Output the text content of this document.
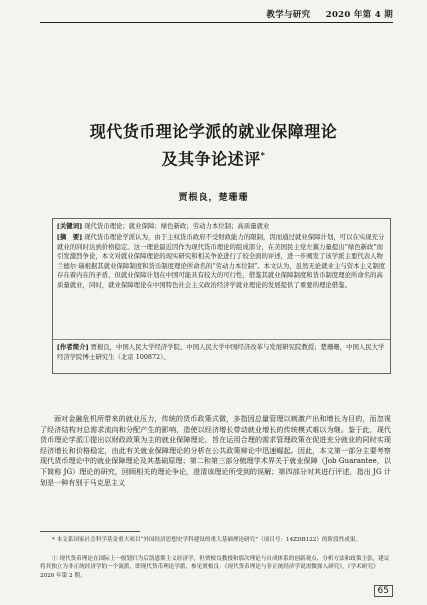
教学与研究   2020 年第 4 期
现代货币理论学派的就业保障理论
及其争论述评*
贾根良，楚珊珊
[关键词] 现代货币理论；就业保障；绿色新政；劳动力本位制；高质量就业
[摘　要] 现代货币理论学派认为，由于主权货币政府不受财政能力的限制，因而通过就业保障计划，可以在实现充分就业的同时达到价格稳定。这一理论最近因作为现代货币理论的组成部分，在美国民主党左翼力量提出“绿色新政”而引发激烈争论，本文对就业保障理论的现实研究和相关争论进行了较全面的评述，进一步阐发了该学派主要代表人物兰德尔·瑞根据其就业保障制度和货币制度理论所命名的“劳动力本位制”。本文认为，虽然无论就业主与资本主义制度存在着内在的矛盾，但就业保障计划在中国可能具有较大的可行性，借鉴其就业保障制度和货币制度理论所命名的高质量就业，同时，就业保障理论在中国特色社会主义政治经济学就业理论的发展提供了重要的理论借鉴。
[作者简介] 贾根良，中国人民大学经济学院、中国人民大学中国经济改革与发展研究院教授；楚珊珊，中国人民大学经济学院博士研究生（北京 100872）。
面对金融危机所带来的就业压力，传统的货币政策式微，多指因总量管理以刺激产出和增长为目的，而忽视了经济结构对总需求流向和分配产生的影响，造使以经济增长带动就业增长的传统模式难以为继。鉴于此，现代货币理论学派①提出以财政政策为主的就业保障理论，旨在运用合理的需求管理政策在促进充分就业的同时实现经济增长和价格稳定，由此有关就业保障理论的分析在公共政策辩论中迅速崛起。因此，本文第一部分主要考察现代货币理论中的就业保障理论及其基础原理；第二和第三部分梳理学术界关于就业保障（Job Guarantee，以下简称 JG）理论的研究，回顾相关的理论争论，澄清该理论所受到的误解；第四部分对其进行评述，指出 JG 计划是一种有别于马克思主义
* 本文系国家社会科学基金重大项目“外国经济思想史学科建设的重大基础理论研究”（项目号：14ZDB122）的阶段性成果。
① 现代货币理论在国际上一般划归为后凯恩斯主义经济学，但贾根良教授和那次理论与自成体系的创新观点、分析方法和政策主张，建议将其独立为非正统经济学的一个流派，即现代货币理论学派，参见贾根良：《现代货币理论与非正统经济学说需微探入研究》，《学术研究》2020 年第 2 期。
65
